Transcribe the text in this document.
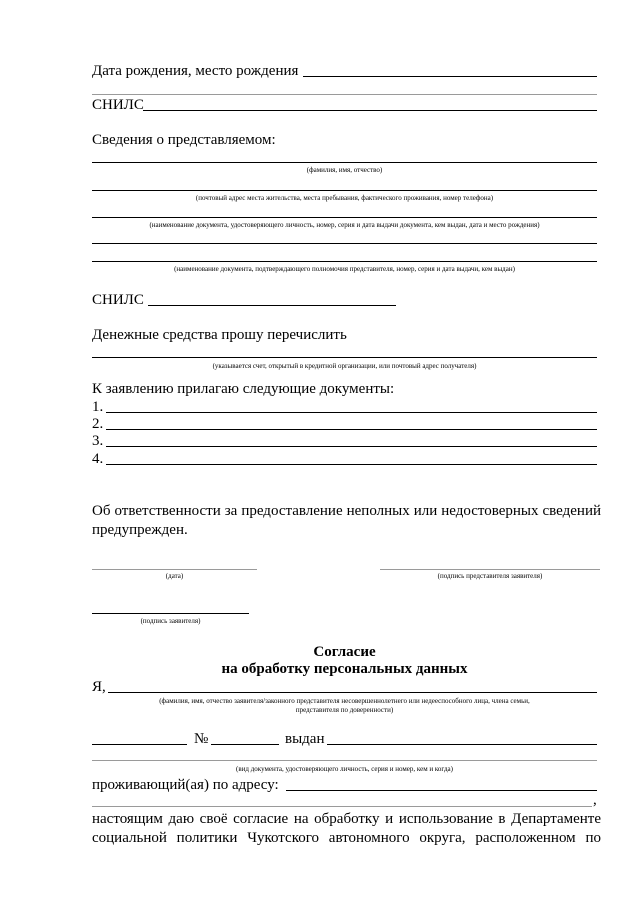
Дата рождения, место рождения
СНИЛС
Сведения о представляемом:
(фамилия, имя, отчество)
(почтовый адрес места жительства, места пребывания, фактического проживания, номер телефона)
(наименование документа, удостоверяющего личность, номер, серия и дата выдачи документа, кем выдан, дата и место рождения)
(наименование документа, подтверждающего полномочия представителя, номер, серия и дата выдачи, кем выдан)
СНИЛС
Денежные средства прошу перечислить
(указывается счет, открытый в кредитной организации, или почтовый адрес получателя)
К заявлению прилагаю следующие документы:
1.
2.
3.
4.
Об ответственности за предоставление неполных или недостоверных сведений
предупрежден.
(дата)	(подпись представителя заявителя)
(подпись заявителя)
Согласие
на обработку персональных данных
Я,
(фамилия, имя, отчество заявителя/законного представителя несовершеннолетнего или недееспособного лица, члена семьи,
представителя по доверенности)
№	выдан
(вид документа, удостоверяющего личность, серия и номер, кем и когда)
проживающий(ая) по адресу:
,
настоящим даю своё согласие на обработку и использование в Департаменте
социальной политики Чукотского автономного округа, расположенном по
